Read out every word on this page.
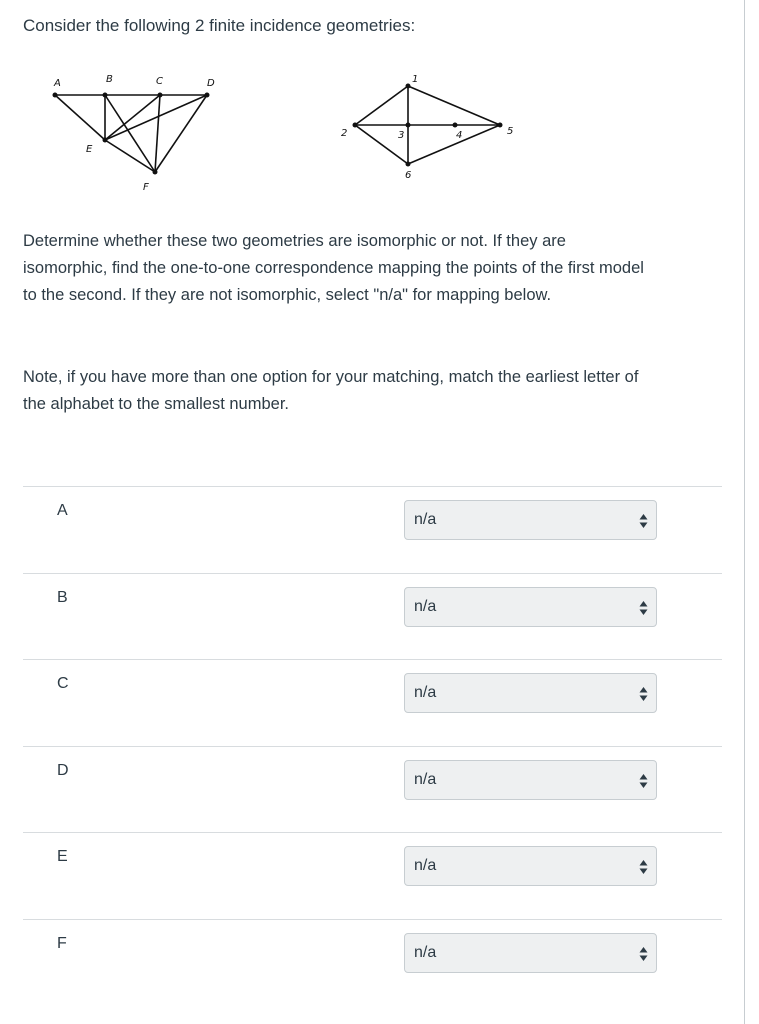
Consider the following 2 finite incidence geometries:
A	B	C	D
E
F
1
2	3	4	5
6

Determine whether these two geometries are isomorphic or not. If they are

isomorphic, find the one-to-one correspondence mapping the points of the first model

to the second. If they are not isomorphic, select "n/a" for mapping below.

Note, if you have more than one option for your matching, match the earliest letter of

the alphabet to the smallest number.

A
n/a
B
n/a
C
n/a
D
n/a
E
n/a
F
n/a
